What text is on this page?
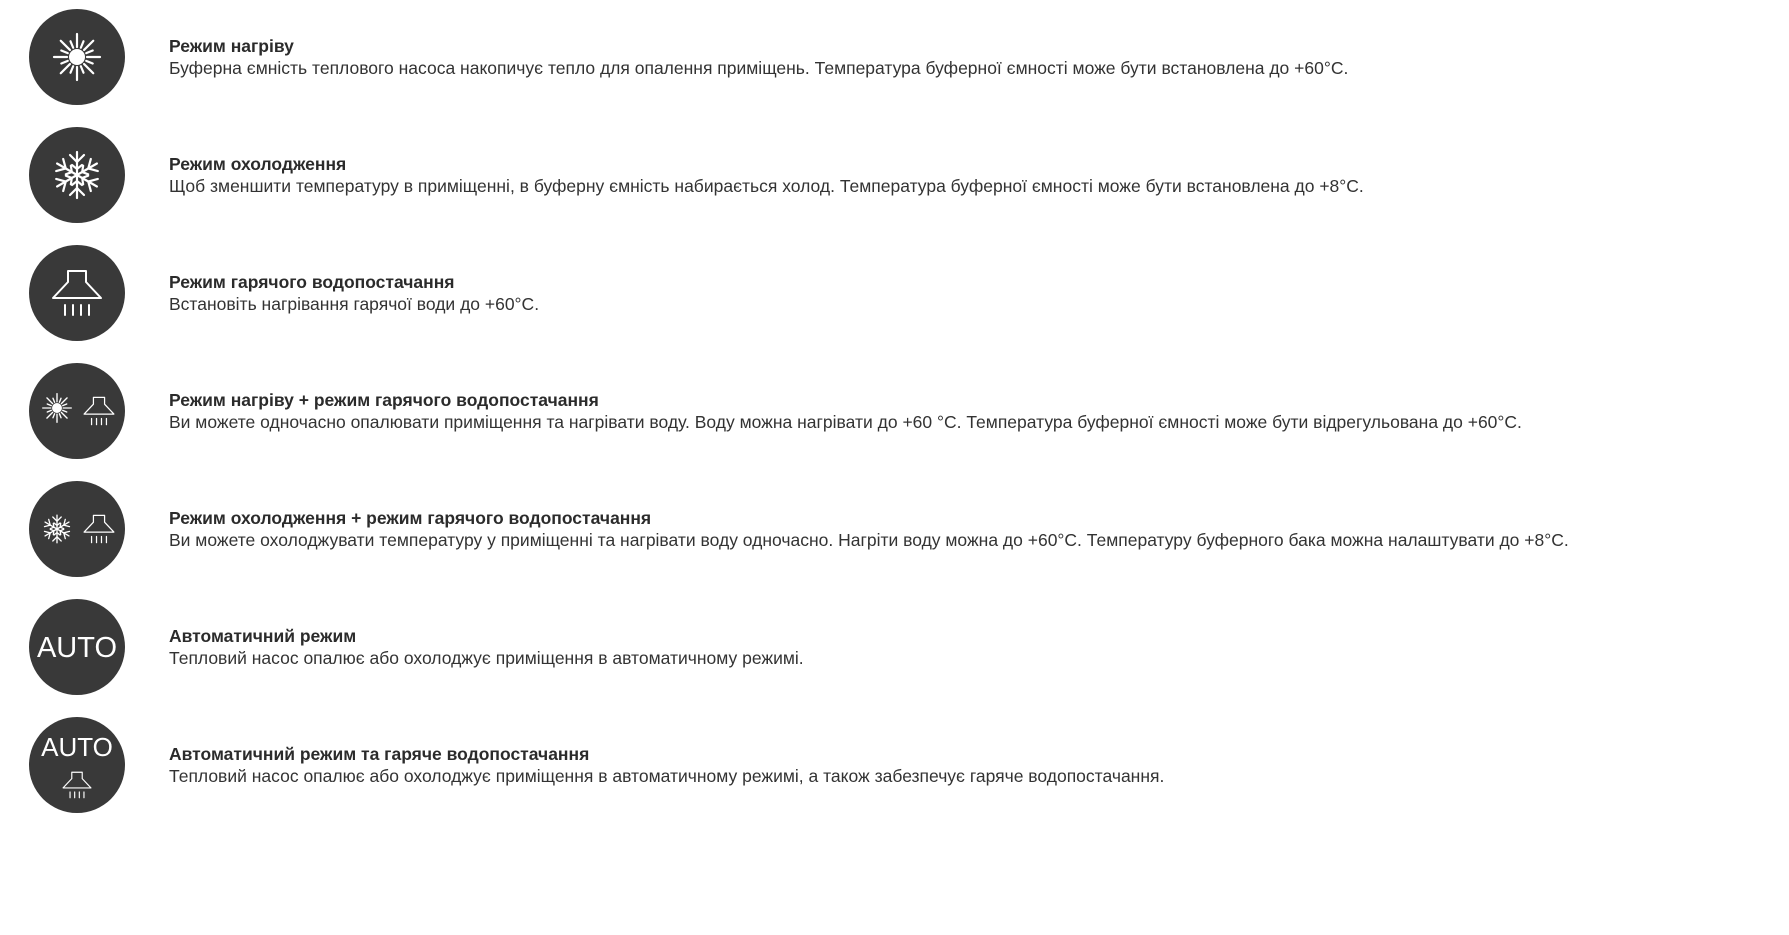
Режим нагріву
Буферна ємність теплового насоса накопичує тепло для опалення приміщень. Температура буферної ємності може бути встановлена до +60°С.
Режим охолодження
Щоб зменшити температуру в приміщенні, в буферну ємність набирається холод. Температура буферної ємності може бути встановлена до +8°С.
Режим гарячого водопостачання
Встановіть нагрівання гарячої води до +60°С.
Режим нагріву + режим гарячого водопостачання
Ви можете одночасно опалювати приміщення та нагрівати воду. Воду можна нагрівати до +60 °С. Температура буферної ємності може бути відрегульована до +60°С.
Режим охолодження + режим гарячого водопостачання
Ви можете охолоджувати температуру у приміщенні та нагрівати воду одночасно. Нагріти воду можна до +60°С. Температуру буферного бака можна налаштувати до +8°С.
AUTO	Автоматичний режим
Тепловий насос опалює або охолоджує приміщення в автоматичному режимі.
AUTO	Автоматичний режим та гаряче водопостачання
Тепловий насос опалює або охолоджує приміщення в автоматичному режимі, а також забезпечує гаряче водопостачання.
